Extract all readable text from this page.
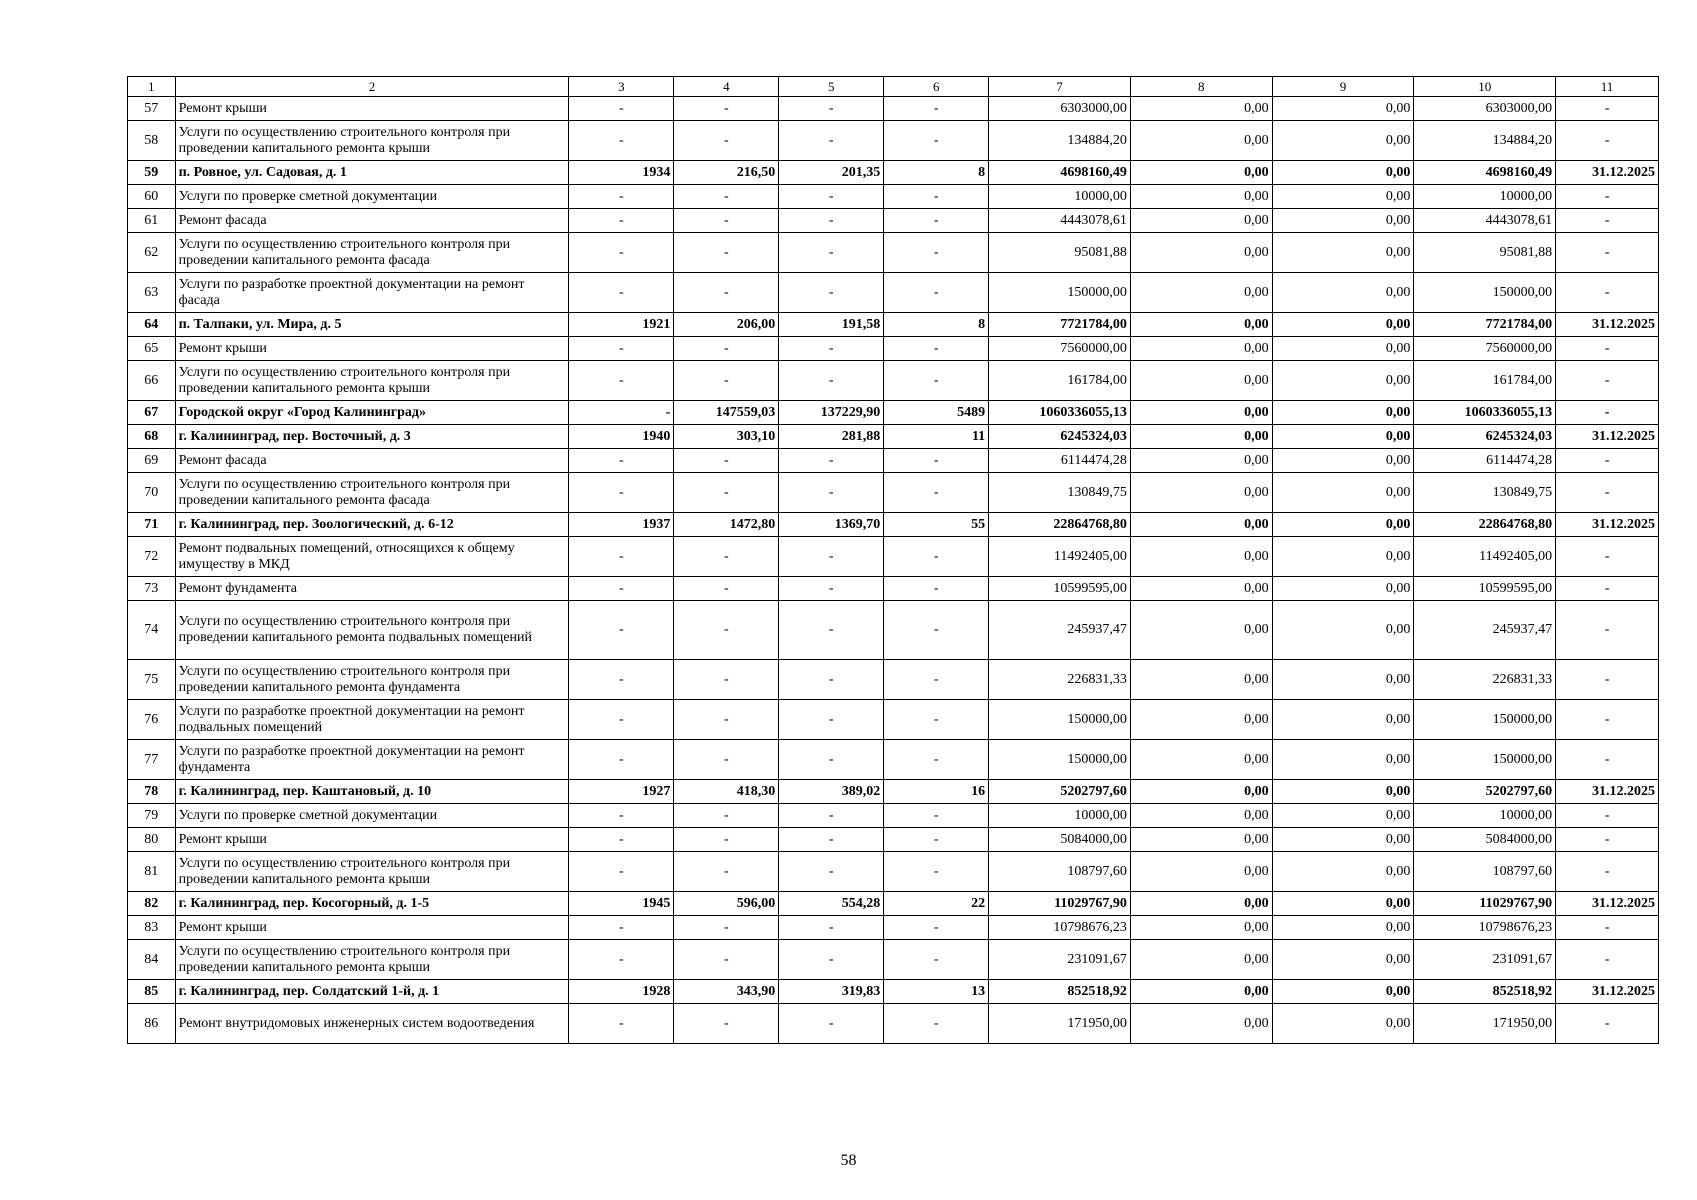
1	2	3	4	5	6	7	8	9	10	11
57	Ремонт крыши	-	-	-	-	6303000,00	0,00	0,00	6303000,00	-
58	Услуги по осуществлению строительного контроля при проведении капитального ремонта крыши	-	-	-	-	134884,20	0,00	0,00	134884,20	-
59	п. Ровное, ул. Садовая, д. 1	1934	216,50	201,35	8	4698160,49	0,00	0,00	4698160,49	31.12.2025
60	Услуги по проверке сметной документации	-	-	-	-	10000,00	0,00	0,00	10000,00	-
61	Ремонт фасада	-	-	-	-	4443078,61	0,00	0,00	4443078,61	-
62	Услуги по осуществлению строительного контроля при проведении капитального ремонта фасада	-	-	-	-	95081,88	0,00	0,00	95081,88	-
63	Услуги по разработке проектной документации на ремонт фасада	-	-	-	-	150000,00	0,00	0,00	150000,00	-
64	п. Талпаки, ул. Мира, д. 5	1921	206,00	191,58	8	7721784,00	0,00	0,00	7721784,00	31.12.2025
65	Ремонт крыши	-	-	-	-	7560000,00	0,00	0,00	7560000,00	-
66	Услуги по осуществлению строительного контроля при проведении капитального ремонта крыши	-	-	-	-	161784,00	0,00	0,00	161784,00	-
67	Городской округ «Город Калининград»	-	147559,03	137229,90	5489	1060336055,13	0,00	0,00	1060336055,13	-
68	г. Калининград, пер. Восточный, д. 3	1940	303,10	281,88	11	6245324,03	0,00	0,00	6245324,03	31.12.2025
69	Ремонт фасада	-	-	-	-	6114474,28	0,00	0,00	6114474,28	-
70	Услуги по осуществлению строительного контроля при проведении капитального ремонта фасада	-	-	-	-	130849,75	0,00	0,00	130849,75	-
71	г. Калининград, пер. Зоологический, д. 6-12	1937	1472,80	1369,70	55	22864768,80	0,00	0,00	22864768,80	31.12.2025
72	Ремонт подвальных помещений, относящихся к общему имуществу в МКД	-	-	-	-	11492405,00	0,00	0,00	11492405,00	-
73	Ремонт фундамента	-	-	-	-	10599595,00	0,00	0,00	10599595,00	-
74	Услуги по осуществлению строительного контроля при проведении капитального ремонта подвальных помещений	-	-	-	-	245937,47	0,00	0,00	245937,47	-
75	Услуги по осуществлению строительного контроля при проведении капитального ремонта фундамента	-	-	-	-	226831,33	0,00	0,00	226831,33	-
76	Услуги по разработке проектной документации на ремонт подвальных помещений	-	-	-	-	150000,00	0,00	0,00	150000,00	-
77	Услуги по разработке проектной документации на ремонт фундамента	-	-	-	-	150000,00	0,00	0,00	150000,00	-
78	г. Калининград, пер. Каштановый, д. 10	1927	418,30	389,02	16	5202797,60	0,00	0,00	5202797,60	31.12.2025
79	Услуги по проверке сметной документации	-	-	-	-	10000,00	0,00	0,00	10000,00	-
80	Ремонт крыши	-	-	-	-	5084000,00	0,00	0,00	5084000,00	-
81	Услуги по осуществлению строительного контроля при проведении капитального ремонта крыши	-	-	-	-	108797,60	0,00	0,00	108797,60	-
82	г. Калининград, пер. Косогорный, д. 1-5	1945	596,00	554,28	22	11029767,90	0,00	0,00	11029767,90	31.12.2025
83	Ремонт крыши	-	-	-	-	10798676,23	0,00	0,00	10798676,23	-
84	Услуги по осуществлению строительного контроля при проведении капитального ремонта крыши	-	-	-	-	231091,67	0,00	0,00	231091,67	-
85	г. Калининград, пер. Солдатский 1-й, д. 1	1928	343,90	319,83	13	852518,92	0,00	0,00	852518,92	31.12.2025
86	Ремонт внутридомовых инженерных систем водоотведения	-	-	-	-	171950,00	0,00	0,00	171950,00	-
58
